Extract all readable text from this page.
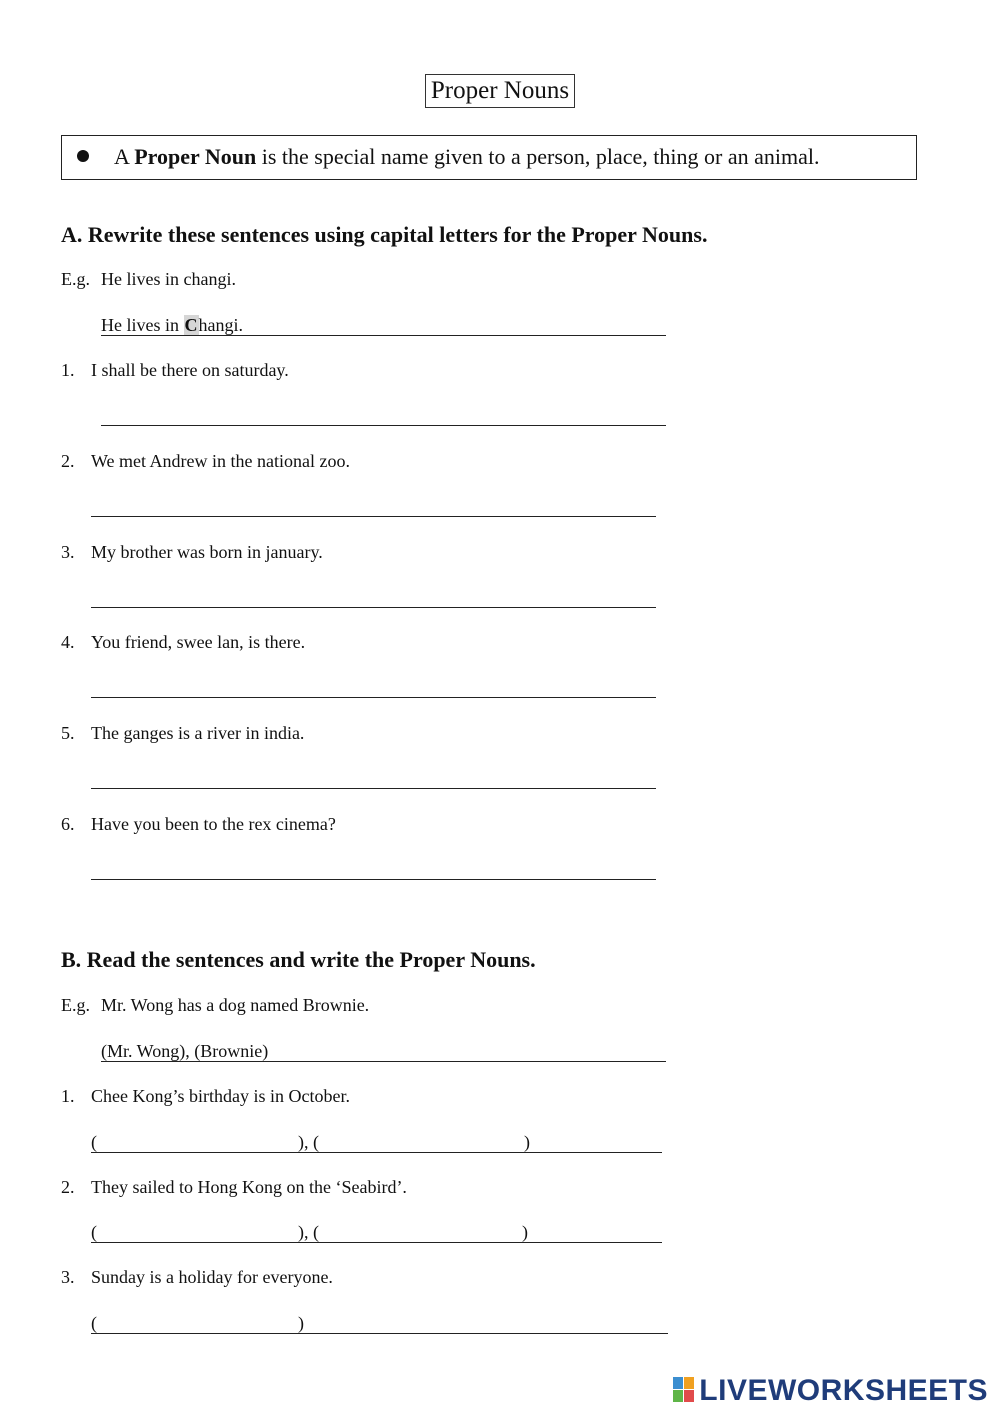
Proper Nouns
A Proper Noun is the special name given to a person, place, thing or an animal.
A. Rewrite these sentences using capital letters for the Proper Nouns.
E.g. He lives in changi.
He lives in Changi.
1. I shall be there on saturday.
2. We met Andrew in the national zoo.
3. My brother was born in january.
4. You friend, swee lan, is there.
5. The ganges is a river in india.
6. Have you been to the rex cinema?
B. Read the sentences and write the Proper Nouns.
E.g. Mr. Wong has a dog named Brownie.
(Mr. Wong), (Brownie)
1. Chee Kong’s birthday is in October.
(	), (	)
2. They sailed to Hong Kong on the ‘Seabird’.
(	), (	)
3. Sunday is a holiday for everyone.
(	)
LIVEWORKSHEETS
